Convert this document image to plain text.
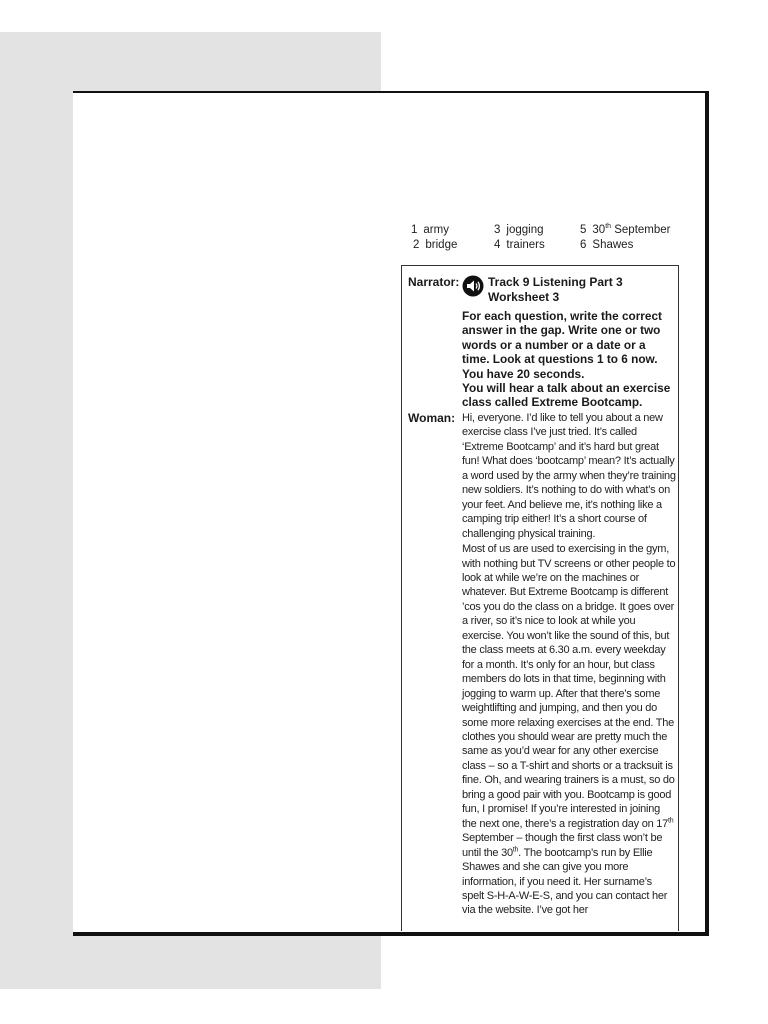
1 army
2 bridge
3 jogging
4 trainers
5 30th September
6 Shawes
Narrator: Track 9 Listening Part 3 Worksheet 3

For each question, write the correct answer in the gap. Write one or two words or a number or a date or a time. Look at questions 1 to 6 now. You have 20 seconds.

You will hear a talk about an exercise class called Extreme Bootcamp.

Woman: Hi, everyone. I’d like to tell you about a new exercise class I’ve just tried. It’s called ‘Extreme Bootcamp’ and it’s hard but great fun! What does ‘bootcamp’ mean? It’s actually a word used by the army when they’re training new soldiers. It’s nothing to do with what’s on your feet. And believe me, it’s nothing like a camping trip either! It’s a short course of challenging physical training.

Most of us are used to exercising in the gym, with nothing but TV screens or other people to look at while we’re on the machines or whatever. But Extreme Bootcamp is different ’cos you do the class on a bridge. It goes over a river, so it’s nice to look at while you exercise. You won’t like the sound of this, but the class meets at 6.30 a.m. every weekday for a month. It’s only for an hour, but class members do lots in that time, beginning with jogging to warm up. After that there’s some weightlifting and jumping, and then you do some more relaxing exercises at the end. The clothes you should wear are pretty much the same as you’d wear for any other exercise class – so a T-shirt and shorts or a tracksuit is fine. Oh, and wearing trainers is a must, so do bring a good pair with you. Bootcamp is good fun, I promise! If you’re interested in joining the next one, there’s a registration day on 17th September – though the first class won’t be until the 30th. The bootcamp’s run by Ellie Shawes and she can give you more information, if you need it. Her surname’s spelt S-H-A-W-E-S, and you can contact her via the website. I’ve got her
